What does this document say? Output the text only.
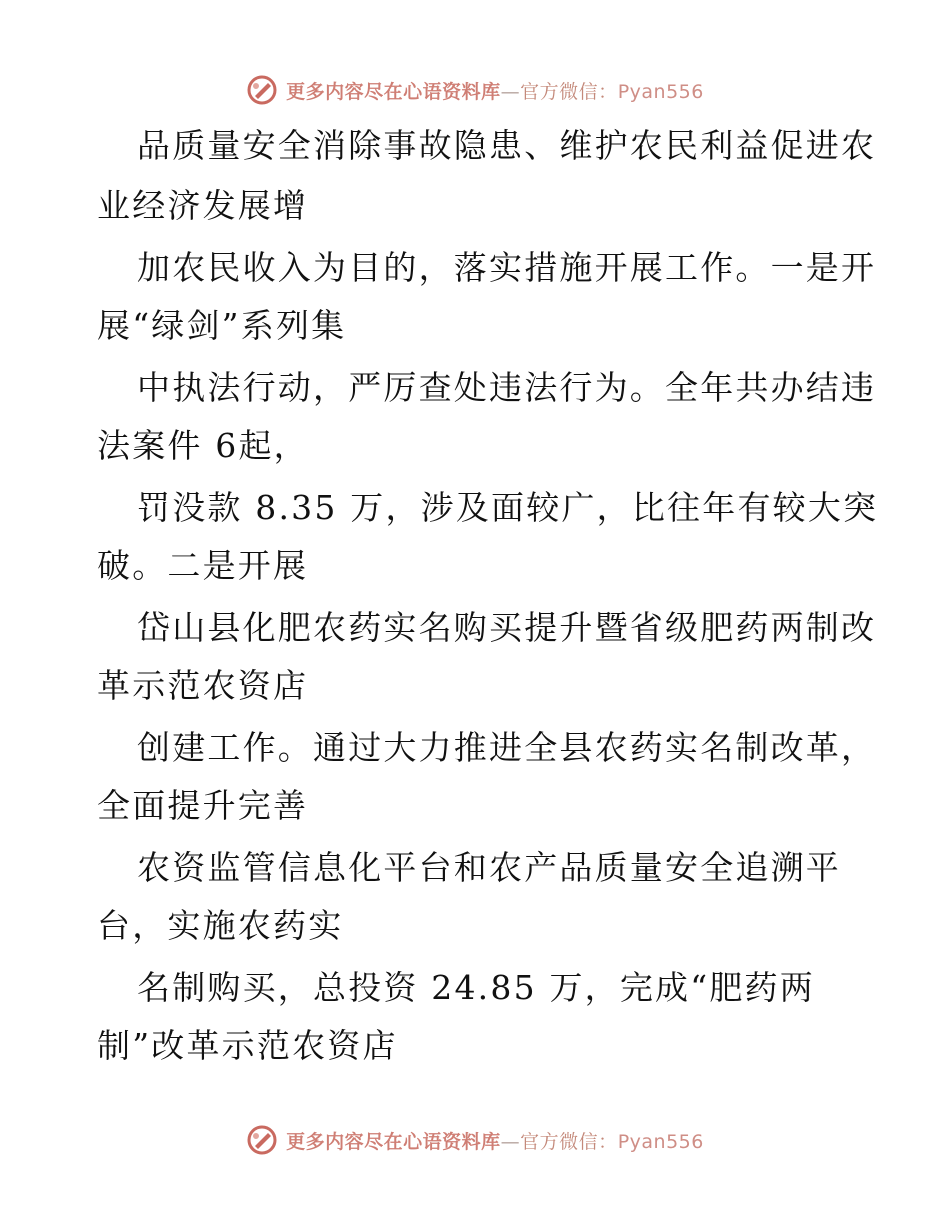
更多内容尽在心语资料库—官方微信：Pyan556
品质量安全消除事故隐患、维护农民利益促进农
业经济发展增
加农民收入为目的，落实措施开展工作。一是开
展“绿剑”系列集
中执法行动，严厉查处违法行为。全年共办结违
法案件 6起，
罚没款 8.35 万，涉及面较广，比往年有较大突
破。二是开展
岱山县化肥农药实名购买提升暨省级肥药两制改
革示范农资店
创建工作。通过大力推进全县农药实名制改革，
全面提升完善
农资监管信息化平台和农产品质量安全追溯平
台，实施农药实
名制购买，总投资 24.85 万，完成“肥药两
制”改革示范农资店
更多内容尽在心语资料库—官方微信：Pyan556
